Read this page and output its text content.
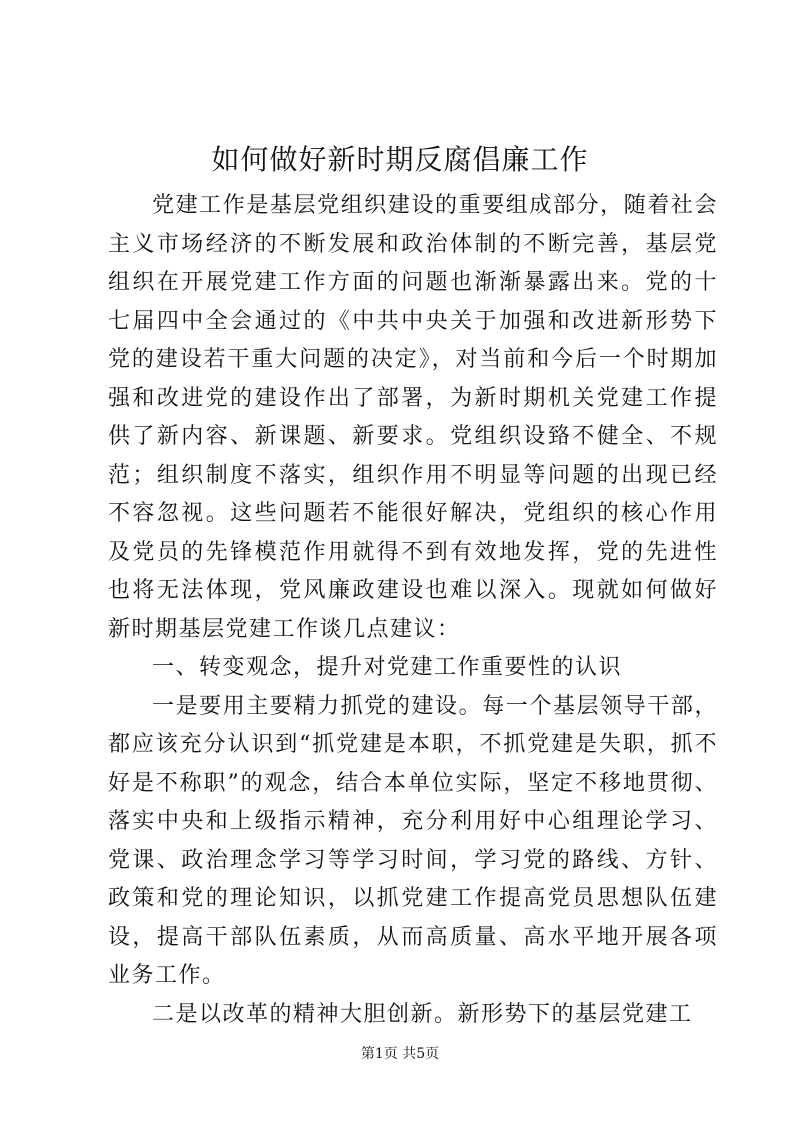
如何做好新时期反腐倡廉工作

党建工作是基层党组织建设的重要组成部分，随着社会主义市场经济的不断发展和政治体制的不断完善，基层党组织在开展党建工作方面的问题也渐渐暴露出来。党的十七届四中全会通过的《中共中央关于加强和改进新形势下党的建设若干重大问题的决定》，对当前和今后一个时期加强和改进党的建设作出了部署，为新时期机关党建工作提供了新内容、新课题、新要求。党组织设臵不健全、不规范；组织制度不落实，组织作用不明显等问题的出现已经不容忽视。这些问题若不能很好解决，党组织的核心作用及党员的先锋模范作用就得不到有效地发挥，党的先进性也将无法体现，党风廉政建设也难以深入。现就如何做好新时期基层党建工作谈几点建议：

一、转变观念，提升对党建工作重要性的认识

一是要用主要精力抓党的建设。每一个基层领导干部，都应该充分认识到“抓党建是本职，不抓党建是失职，抓不好是不称职”的观念，结合本单位实际，坚定不移地贯彻、落实中央和上级指示精神，充分利用好中心组理论学习、党课、政治理念学习等学习时间，学习党的路线、方针、政策和党的理论知识，以抓党建工作提高党员思想队伍建设，提高干部队伍素质，从而高质量、高水平地开展各项业务工作。

二是以改革的精神大胆创新。新形势下的基层党建工

第1页 共5页
